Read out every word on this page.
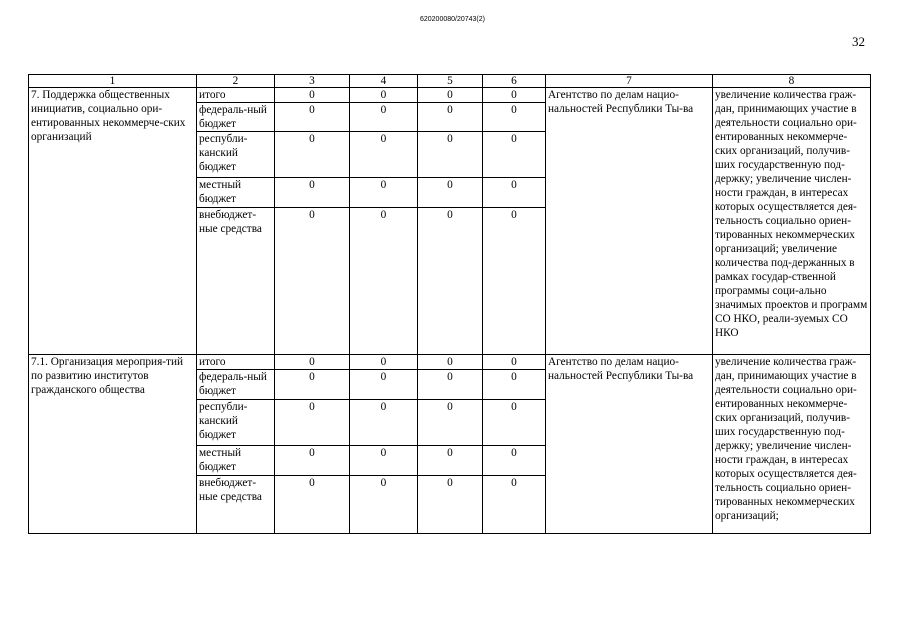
620200080/20743(2)
32
1	2	3	4	5	6	7	8
7. Поддержка общественных инициатив, социально ори-ентированных некоммерче-ских организаций	итого	0	0	0	0	Агентство по делам нацио-нальностей Республики Ты-ва	увеличение количества граж-дан, принимающих участие в деятельности социально ори-ентированных некоммерче-ских организаций, получив-ших государственную под-держку; увеличение числен-ности граждан, в интересах которых осуществляется дея-тельность социально ориен-тированных некоммерческих организаций; увеличение количества под-держанных в рамках государ-ственной программы соци-ально значимых проектов и программ СО НКО, реали-зуемых СО НКО
	федераль-ный бюджет	0	0	0	0		
	республи-канский бюджет	0	0	0	0		
	местный бюджет	0	0	0	0		
	внебюджет-ные средства	0	0	0	0		
7.1. Организация мероприя-тий по развитию институтов гражданского общества	итого	0	0	0	0	Агентство по делам нацио-нальностей Республики Ты-ва	увеличение количества граж-дан, принимающих участие в деятельности социально ори-ентированных некоммерче-ских организаций, получив-ших государственную под-держку; увеличение числен-ности граждан, в интересах которых осуществляется дея-тельность социально ориен-тированных некоммерческих организаций;
	федераль-ный бюджет	0	0	0	0		
	республи-канский бюджет	0	0	0	0		
	местный бюджет	0	0	0	0		
	внебюджет-ные средства	0	0	0	0		
